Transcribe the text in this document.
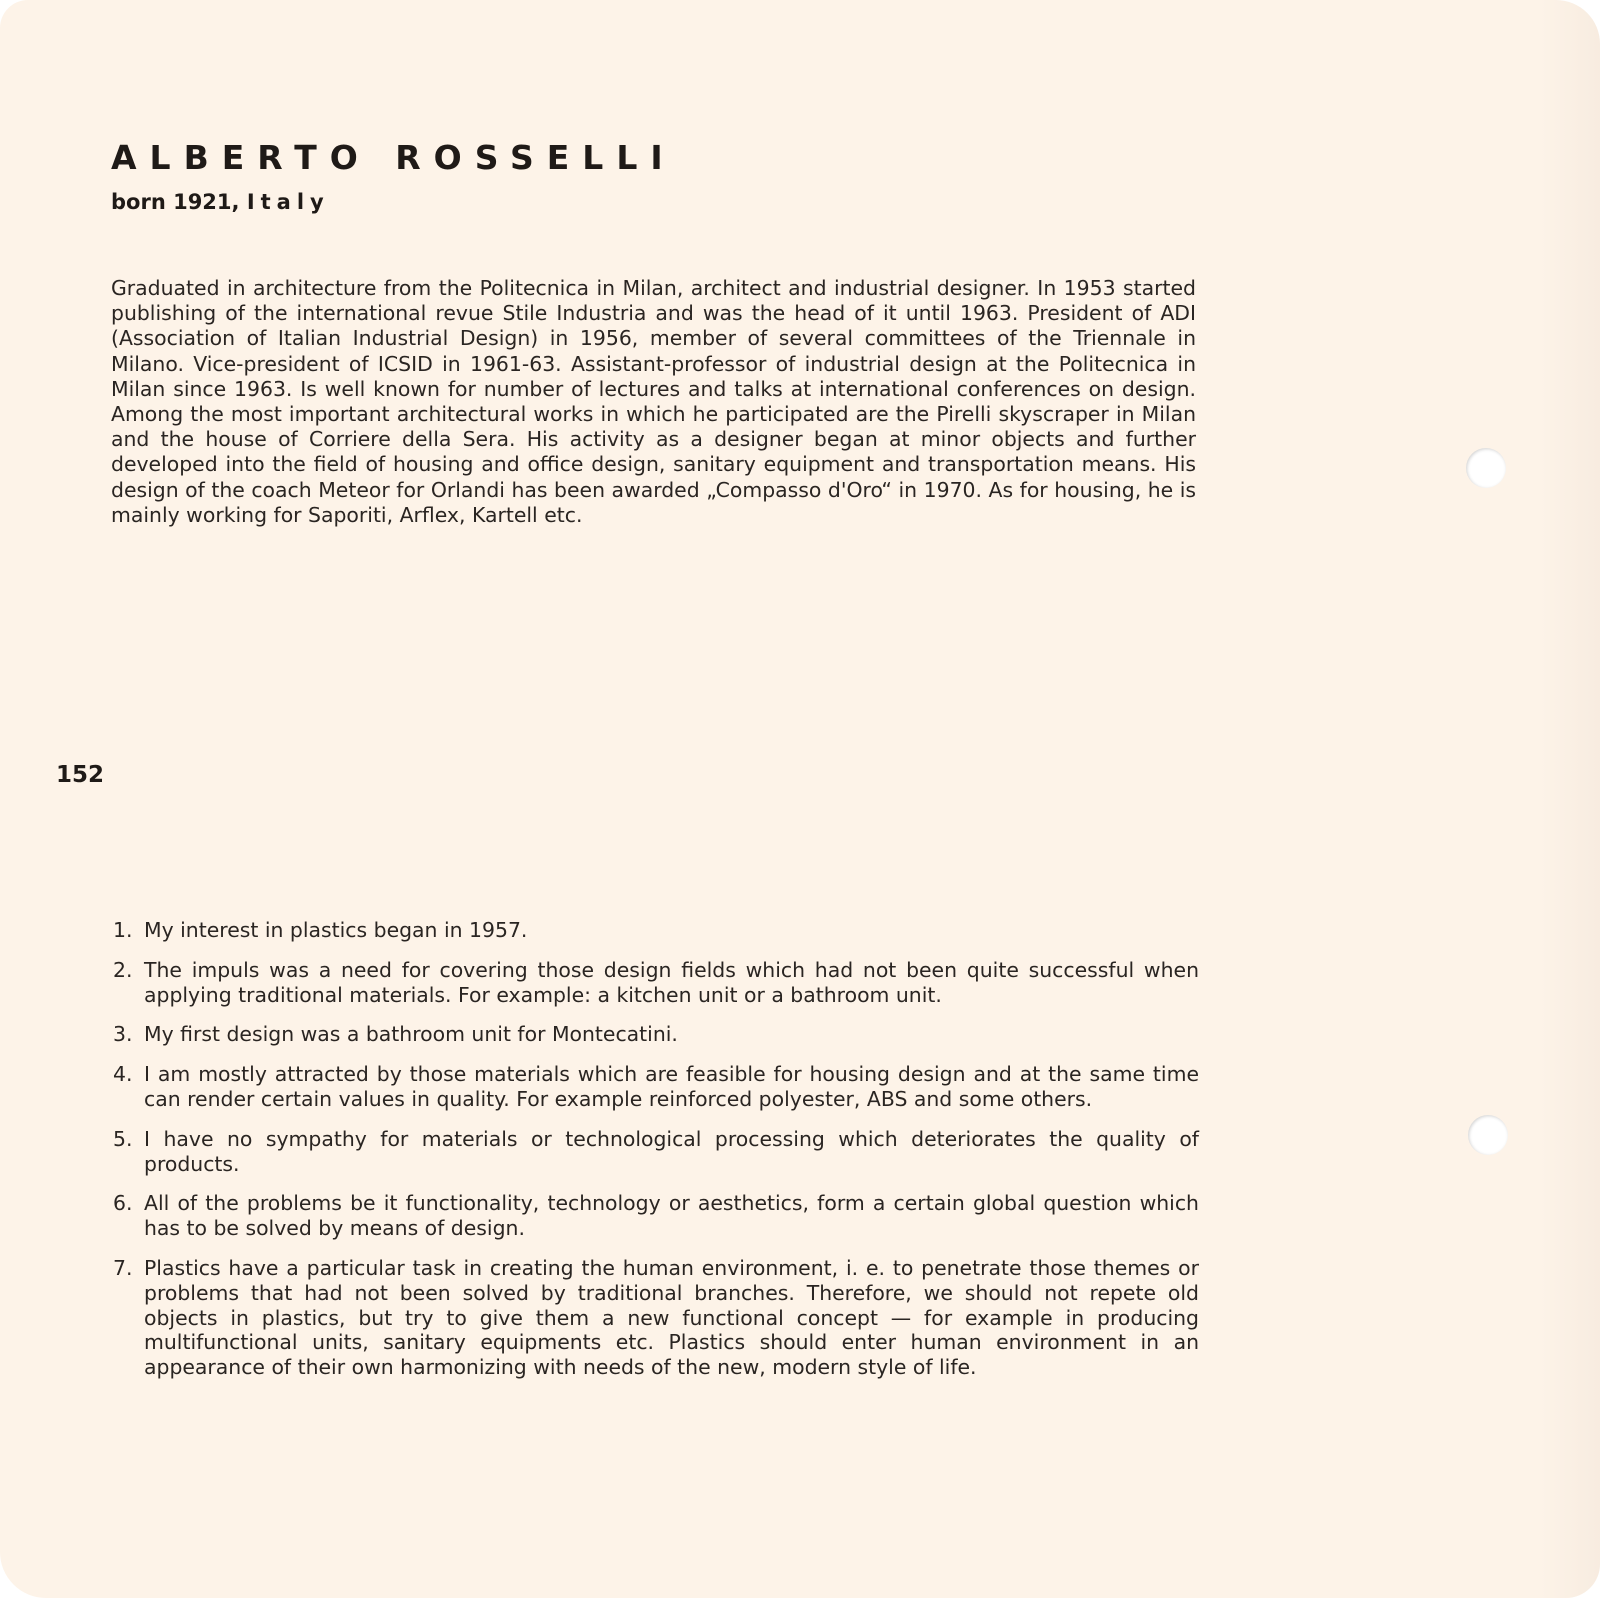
ALBERTO ROSSELLI

born 1921, Italy

Graduated in architecture from the Politecnica in Milan, architect and industrial designer. In 1953 started publishing of the international revue Stile Industria and was the head of it until 1963. President of ADI (Association of Italian Industrial Design) in 1956, member of several committees of the Triennale in Milano. Vice-president of ICSID in 1961-63. Assistant-professor of industrial design at the Politecnica in Milan since 1963. Is well known for number of lectures and talks at international conferences on design. Among the most important architectural works in which he participated are the Pirelli skyscraper in Milan and the house of Corriere della Sera. His activity as a designer began at minor objects and further developed into the field of housing and office design, sanitary equipment and transportation means. His design of the coach Meteor for Orlandi has been awarded „Compasso d'Oro“ in 1970. As for housing, he is mainly working for Saporiti, Arflex, Kartell etc.

152
1. My interest in plastics began in 1957.
2. The impuls was a need for covering those design fields which had not been quite successful when applying traditional materials. For example: a kitchen unit or a bathroom unit.
3. My first design was a bathroom unit for Montecatini.
4. I am mostly attracted by those materials which are feasible for housing design and at the same time can render certain values in quality. For example reinforced polyester, ABS and some others.
5. I have no sympathy for materials or technological processing which deteriorates the quality of products.
6. All of the problems be it functionality, technology or aesthetics, form a certain global question which has to be solved by means of design.
7. Plastics have a particular task in creating the human environment, i. e. to penetrate those themes or problems that had not been solved by traditional branches. Therefore, we should not repete old objects in plastics, but try to give them a new functional concept — for example in producing multifunctional units, sanitary equipments etc. Plastics should enter human environment in an appearance of their own harmonizing with needs of the new, modern style of life.
